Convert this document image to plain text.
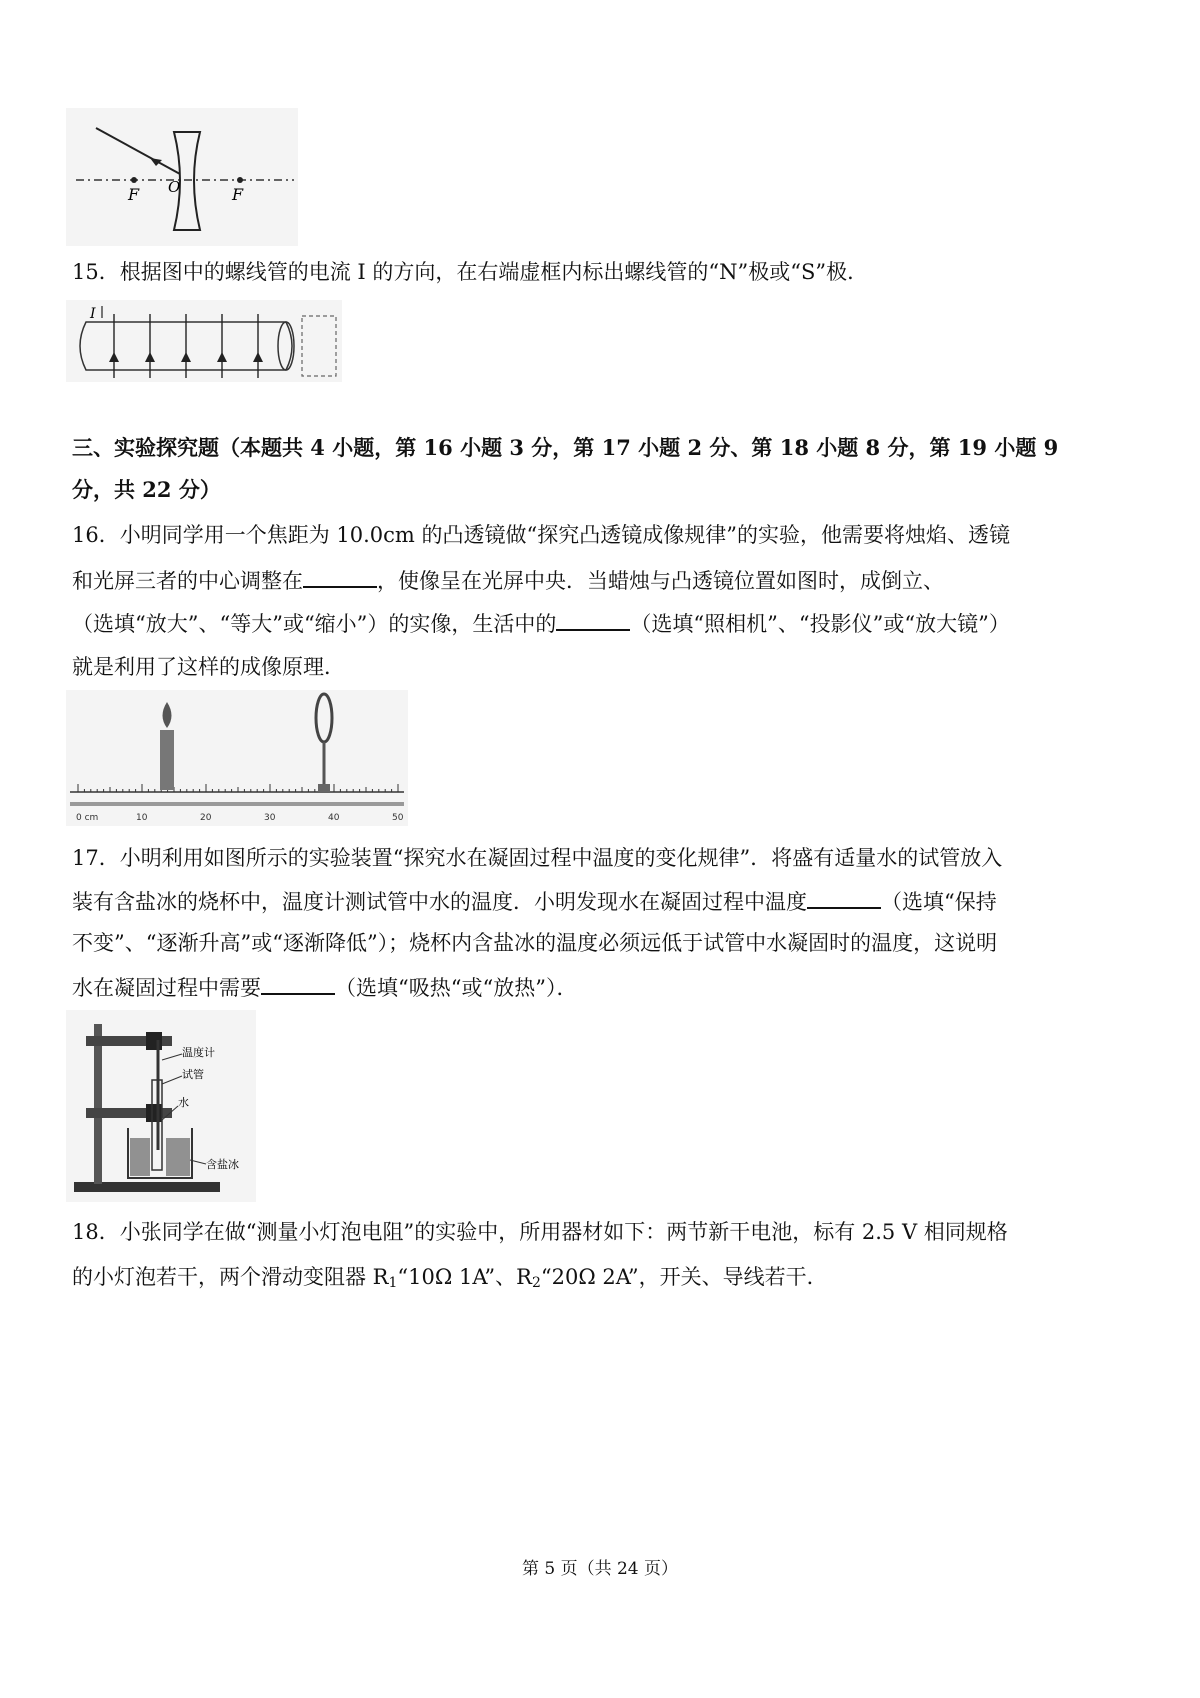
F O	F
15．根据图中的螺线管的电流 I 的方向，在右端虚框内标出螺线管的“N”极或“S”极．
I
三、实验探究题（本题共 4 小题，第 16 小题 3 分，第 17 小题 2 分、第 18 小题 8 分，第 19 小题 9
分，共 22 分）
16．小明同学用一个焦距为 10.0cm 的凸透镜做“探究凸透镜成像规律”的实验，他需要将烛焰、透镜
和光屏三者的中心调整在	，使像呈在光屏中央．当蜡烛与凸透镜位置如图时，成倒立、
（选填“放大”、“等大”或“缩小”）的实像，生活中的	（选填“照相机”、“投影仪”或“放大镜”）
就是利用了这样的成像原理．
0 cm	10	20	30	40	50
17．小明利用如图所示的实验装置“探究水在凝固过程中温度的变化规律”．将盛有适量水的试管放入
装有含盐冰的烧杯中，温度计测试管中水的温度．小明发现水在凝固过程中温度	（选填“保持
不变”、“逐渐升高”或“逐渐降低”）；烧杯内含盐冰的温度必须远低于试管中水凝固时的温度，这说明
水在凝固过程中需要	（选填“吸热“或“放热”）．
温度计
试管
水
含盐冰
18．小张同学在做“测量小灯泡电阻”的实验中，所用器材如下：两节新干电池，标有 2.5 V 相同规格
的小灯泡若干，两个滑动变阻器 $R_1“10\Omega$ 1A”、$R_2“20\Omega$ 2A”，开关、导线若干．
第 5 页（共 24 页）
